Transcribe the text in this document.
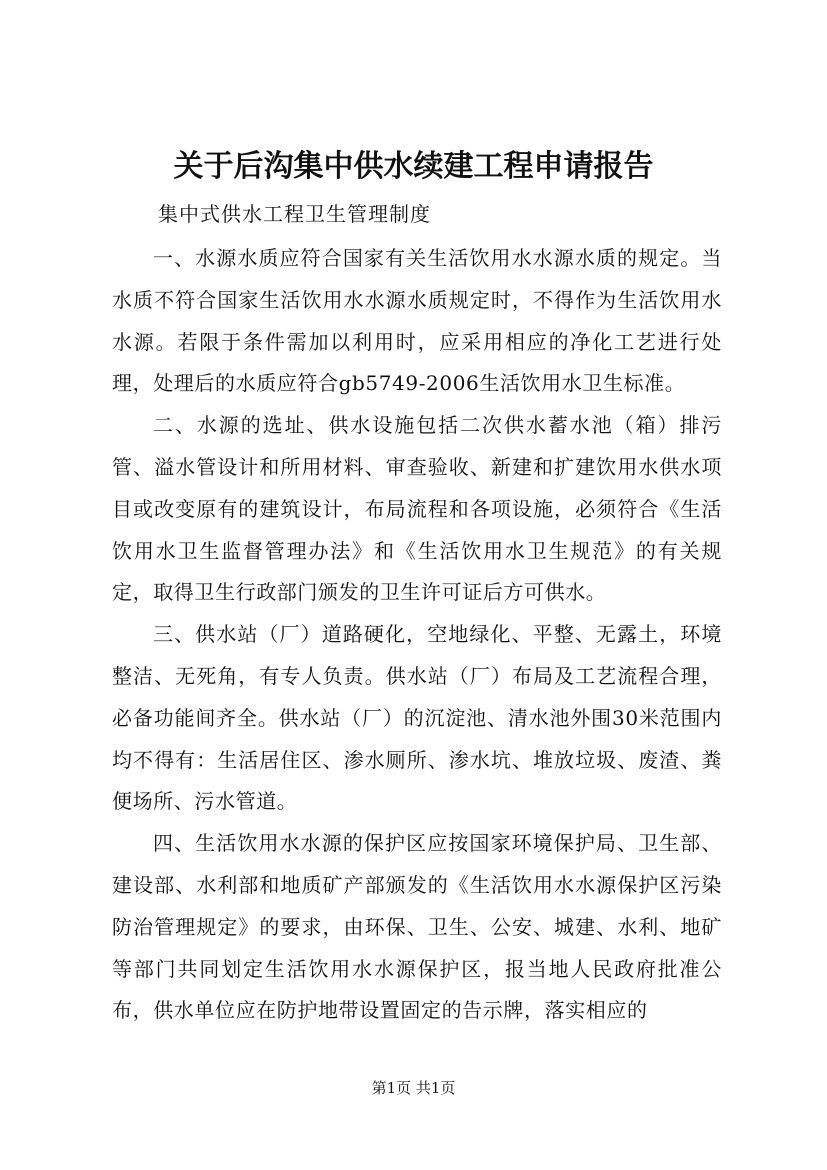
关于后沟集中供水续建工程申请报告

集中式供水工程卫生管理制度

一、水源水质应符合国家有关生活饮用水水源水质的规定。当水质不符合国家生活饮用水水源水质规定时，不得作为生活饮用水水源。若限于条件需加以利用时，应采用相应的净化工艺进行处理，处理后的水质应符合gb5749-2006生活饮用水卫生标准。

二、水源的选址、供水设施包括二次供水蓄水池（箱）排污管、溢水管设计和所用材料、审查验收、新建和扩建饮用水供水项目或改变原有的建筑设计，布局流程和各项设施，必须符合《生活饮用水卫生监督管理办法》和《生活饮用水卫生规范》的有关规定，取得卫生行政部门颁发的卫生许可证后方可供水。

三、供水站（厂）道路硬化，空地绿化、平整、无露土，环境整洁、无死角，有专人负责。供水站（厂）布局及工艺流程合理，必备功能间齐全。供水站（厂）的沉淀池、清水池外围30米范围内均不得有：生活居住区、渗水厕所、渗水坑、堆放垃圾、废渣、粪便场所、污水管道。

四、生活饮用水水源的保护区应按国家环境保护局、卫生部、建设部、水利部和地质矿产部颁发的《生活饮用水水源保护区污染防治管理规定》的要求，由环保、卫生、公安、城建、水利、地矿等部门共同划定生活饮用水水源保护区，报当地人民政府批准公布，供水单位应在防护地带设置固定的告示牌，落实相应的

第1页 共1页
